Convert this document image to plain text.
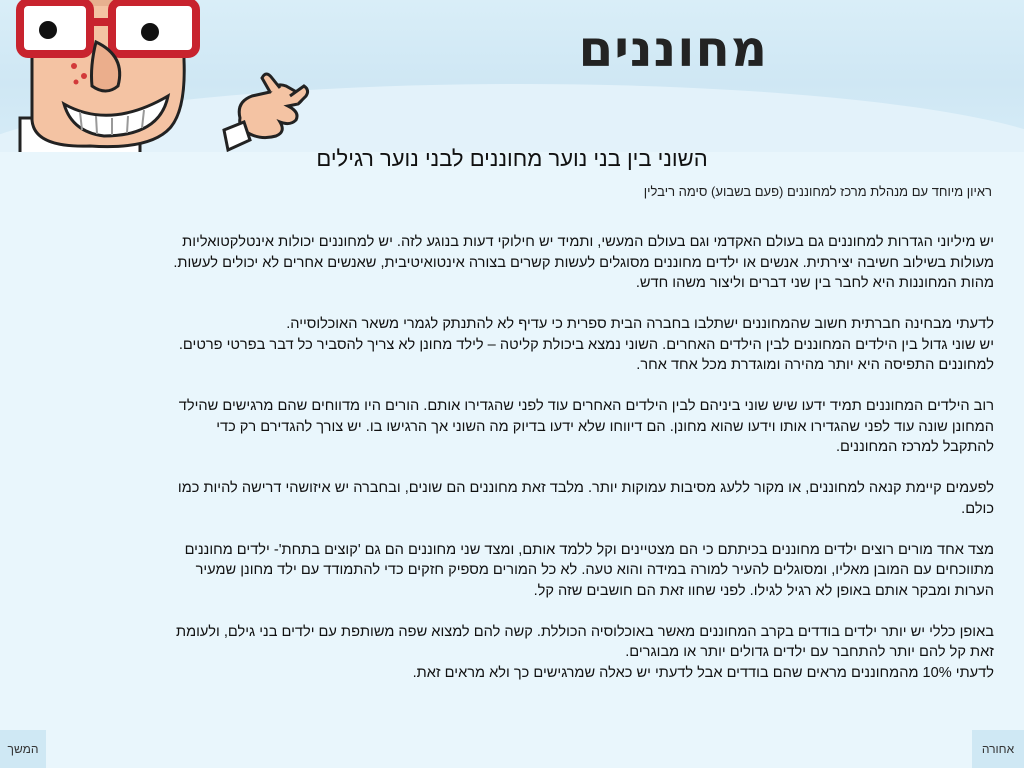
מחוננים
השוני בין בני נוער מחוננים לבני נוער רגילים
ראיון מיוחד עם מנהלת מרכז למחוננים (פעם בשבוע) סימה ריבלין
יש מיליוני הגדרות למחוננים גם בעולם האקדמי וגם בעולם המעשי, ותמיד יש חילוקי דעות בנוגע לזה. יש למחוננים יכולות אינטלקטואליות
מעולות בשילוב חשיבה יצירתית. אנשים או ילדים מחוננים מסוגלים לעשות קשרים בצורה אינטואיטיבית, שאנשים אחרים לא יכולים לעשות.
מהות המחוננות היא לחבר בין שני דברים וליצור משהו חדש.
לדעתי מבחינה חברתית חשוב שהמחוננים ישתלבו בחברה הבית ספרית כי עדיף לא להתנתק לגמרי משאר האוכלוסייה.
יש שוני גדול בין הילדים המחוננים לבין הילדים האחרים. השוני נמצא ביכולת קליטה – לילד מחונן לא צריך להסביר כל דבר בפרטי פרטים.
למחוננים התפיסה היא יותר מהירה ומוגדרת מכל אחד אחר.
רוב הילדים המחוננים תמיד ידעו שיש שוני ביניהם לבין הילדים האחרים עוד לפני שהגדירו אותם. הורים היו מדווחים שהם מרגישים שהילד
המחונן שונה עוד לפני שהגדירו אותו וידעו שהוא מחונן. הם דיווחו שלא ידעו בדיוק מה השוני אך הרגישו בו. יש צורך להגדירם רק כדי
להתקבל למרכז המחוננים.
לפעמים קיימת קנאה למחוננים, או מקור ללעג מסיבות עמוקות יותר. מלבד זאת מחוננים הם שונים, ובחברה יש איזושהי דרישה להיות כמו
כולם.
מצד אחד מורים רוצים ילדים מחוננים בכיתתם כי הם מצטיינים וקל ללמד אותם, ומצד שני מחוננים הם גם 'קוצים בתחת'- ילדים מחוננים
מתווכחים עם המובן מאליו, ומסוגלים להעיר למורה במידה והוא טעה. לא כל המורים מספיק חזקים כדי להתמודד עם ילד מחונן שמעיר
הערות ומבקר אותם באופן לא רגיל לגילו. לפני שחוו זאת הם חושבים שזה קל.
באופן כללי יש יותר ילדים בודדים בקרב המחוננים מאשר באוכלוסיה הכוללת. קשה להם למצוא שפה משותפת עם ילדים בני גילם, ולעומת
זאת קל להם יותר להתחבר עם ילדים גדולים יותר או מבוגרים.
לדעתי 10% מהמחוננים מראים שהם בודדים אבל לדעתי יש כאלה שמרגישים כך ולא מראים זאת.
המשך	אחורה
